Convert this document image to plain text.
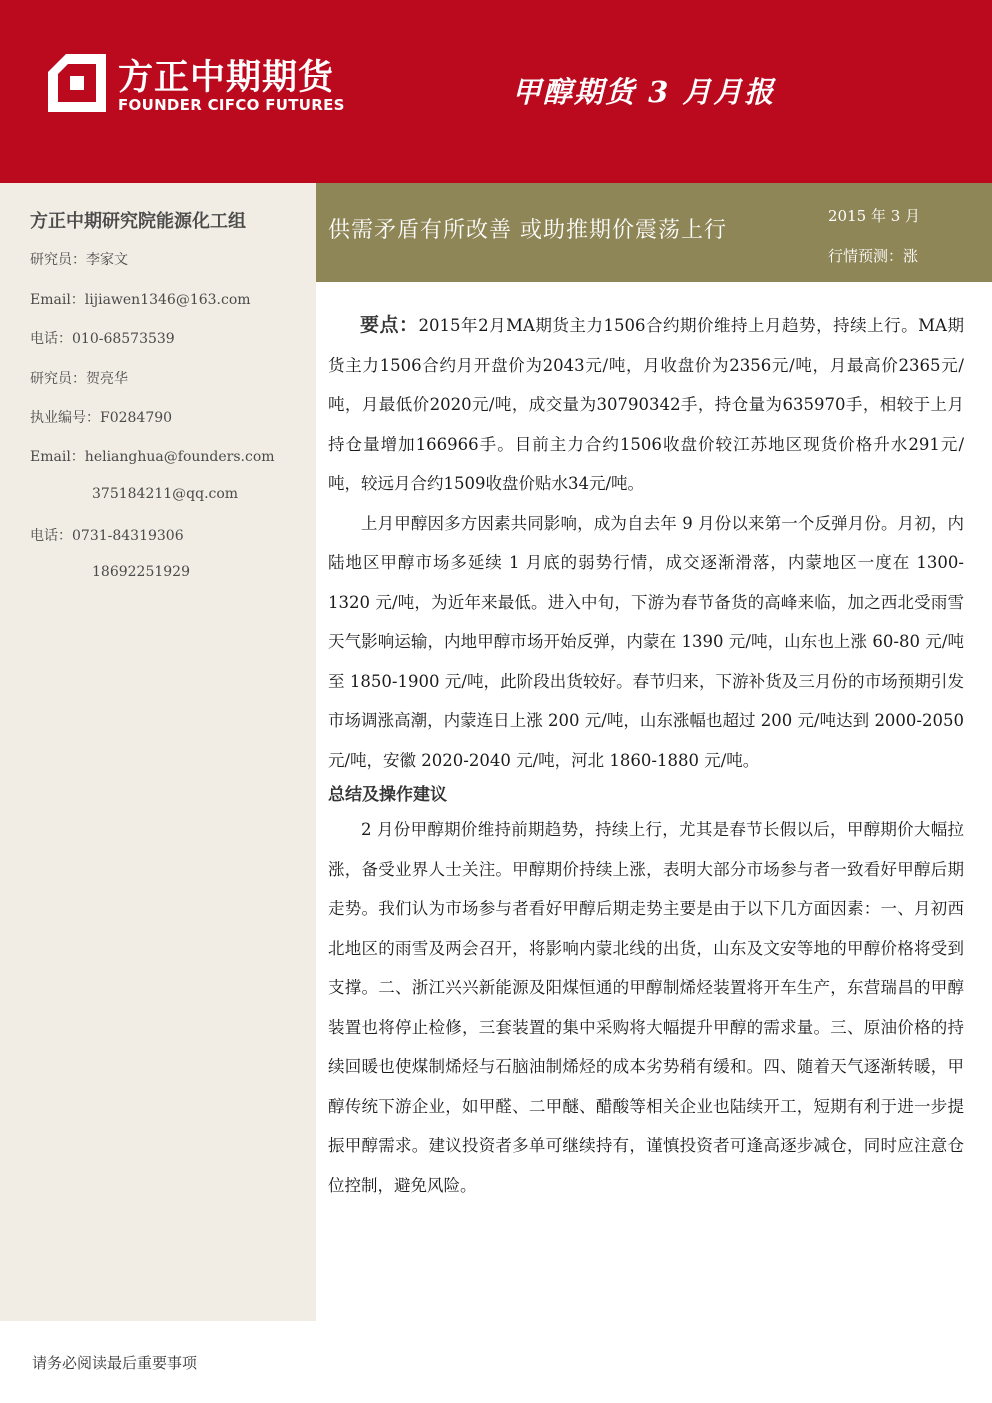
方正中期期货
FOUNDER CIFCO FUTURES	甲醇期货 3 月月报
供需矛盾有所改善 或助推期价震荡上行
2015 年 3 月
行情预测：涨
方正中期研究院能源化工组
研究员：李家文
Email：lijiawen1346@163.com
电话：010-68573539
研究员：贺亮华
执业编号：F0284790
Email：helianghua@founders.com
375184211@qq.com
电话：0731-84319306
18692251929

要点：2015年2月MA期货主力1506合约期价维持上月趋势，持续上行。MA期货主力1506合约月开盘价为2043元/吨，月收盘价为2356元/吨，月最高价2365元/吨，月最低价2020元/吨，成交量为30790342手，持仓量为635970手，相较于上月持仓量增加166966手。目前主力合约1506收盘价较江苏地区现货价格升水291元/吨，较远月合约1509收盘价贴水34元/吨。

上月甲醇因多方因素共同影响，成为自去年 9 月份以来第一个反弹月份。月初，内陆地区甲醇市场多延续 1 月底的弱势行情，成交逐渐滑落，内蒙地区一度在 1300-1320 元/吨，为近年来最低。进入中旬，下游为春节备货的高峰来临，加之西北受雨雪天气影响运输，内地甲醇市场开始反弹，内蒙在 1390 元/吨，山东也上涨 60-80 元/吨至 1850-1900 元/吨，此阶段出货较好。春节归来，下游补货及三月份的市场预期引发市场调涨高潮，内蒙连日上涨 200 元/吨，山东涨幅也超过 200 元/吨达到 2000-2050 元/吨，安徽 2020-2040 元/吨，河北 1860-1880 元/吨。

总结及操作建议

2 月份甲醇期价维持前期趋势，持续上行，尤其是春节长假以后，甲醇期价大幅拉涨，备受业界人士关注。甲醇期价持续上涨，表明大部分市场参与者一致看好甲醇后期走势。我们认为市场参与者看好甲醇后期走势主要是由于以下几方面因素：一、月初西北地区的雨雪及两会召开，将影响内蒙北线的出货，山东及文安等地的甲醇价格将受到支撑。二、浙江兴兴新能源及阳煤恒通的甲醇制烯烃装置将开车生产，东营瑞昌的甲醇装置也将停止检修，三套装置的集中采购将大幅提升甲醇的需求量。三、原油价格的持续回暖也使煤制烯烃与石脑油制烯烃的成本劣势稍有缓和。四、随着天气逐渐转暖，甲醇传统下游企业，如甲醛、二甲醚、醋酸等相关企业也陆续开工，短期有利于进一步提振甲醇需求。建议投资者多单可继续持有，谨慎投资者可逢高逐步减仓，同时应注意仓位控制，避免风险。

请务必阅读最后重要事项
